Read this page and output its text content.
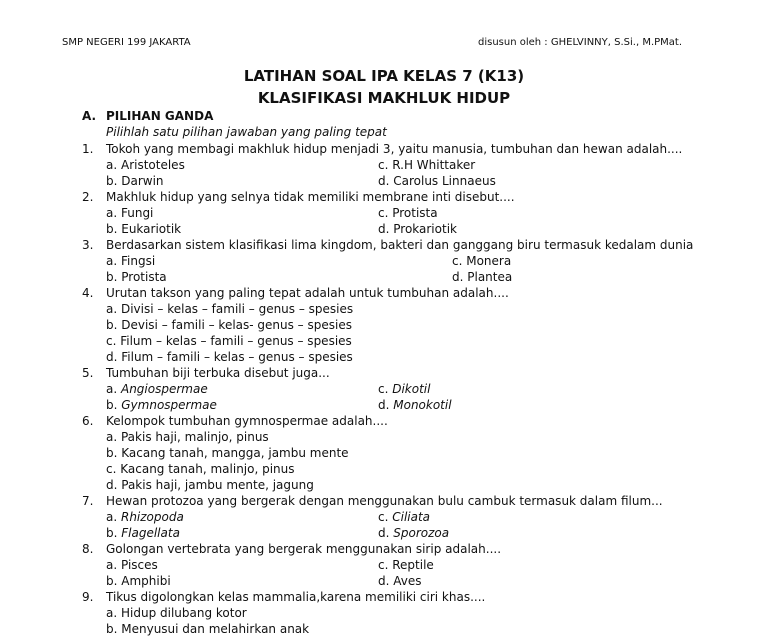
SMP NEGERI 199 JAKARTA	disusun oleh : GHELVINNY, S.Si., M.PMat.
LATIHAN SOAL IPA KELAS 7 (K13)
KLASIFIKASI MAKHLUK HIDUP
A. PILIHAN GANDA
Pilihlah satu pilihan jawaban yang paling tepat
1. Tokoh yang membagi makhluk hidup menjadi 3, yaitu manusia, tumbuhan dan hewan adalah....
a. Aristoteles	c. R.H Whittaker
b. Darwin	d. Carolus Linnaeus
2. Makhluk hidup yang selnya tidak memiliki membrane inti disebut....
a. Fungi	c. Protista
b. Eukariotik	d. Prokariotik
3. Berdasarkan sistem klasifikasi lima kingdom, bakteri dan ganggang biru termasuk kedalam dunia
a. Fingsi	c. Monera
b. Protista	d. Plantea
4. Urutan takson yang paling tepat adalah untuk tumbuhan adalah....
a. Divisi – kelas – famili – genus – spesies
b. Devisi – famili – kelas- genus – spesies
c. Filum – kelas – famili – genus – spesies
d. Filum – famili – kelas – genus – spesies
5. Tumbuhan biji terbuka disebut juga...
a. Angiospermae	c. Dikotil
b. Gymnospermae	d. Monokotil
6. Kelompok tumbuhan gymnospermae adalah....
a. Pakis haji, malinjo, pinus
b. Kacang tanah, mangga, jambu mente
c. Kacang tanah, malinjo, pinus
d. Pakis haji, jambu mente, jagung
7. Hewan protozoa yang bergerak dengan menggunakan bulu cambuk termasuk dalam filum...
a. Rhizopoda	c. Ciliata
b. Flagellata	d. Sporozoa
8. Golongan vertebrata yang bergerak menggunakan sirip adalah....
a. Pisces	c. Reptile
b. Amphibi	d. Aves
9. Tikus digolongkan kelas mammalia,karena memiliki ciri khas....
a. Hidup dilubang kotor
b. Menyusui dan melahirkan anak
